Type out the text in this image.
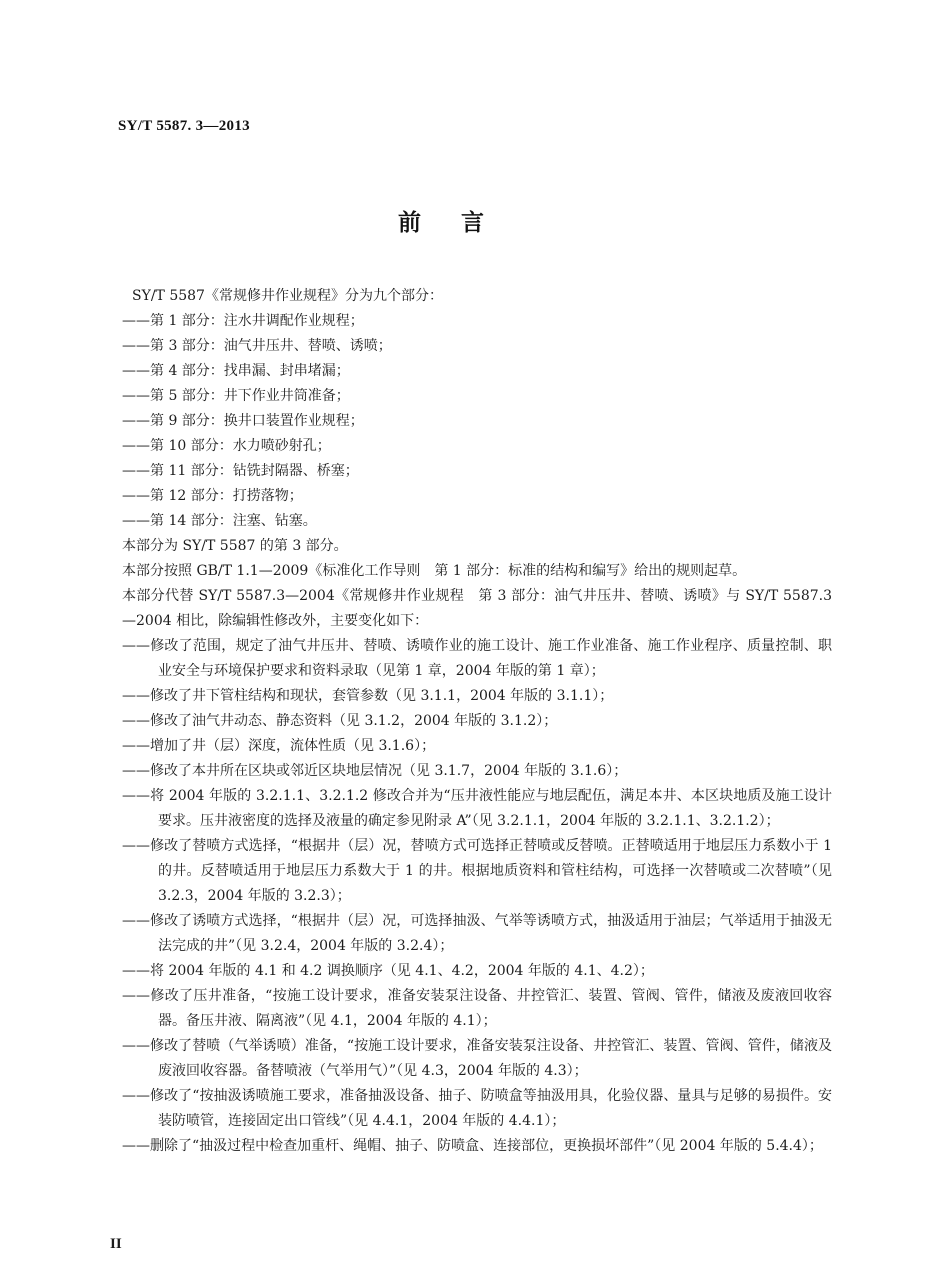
SY/T 5587. 3—2013
前言

SY/T 5587《常规修井作业规程》分为九个部分：

——第 1 部分：注水井调配作业规程；

——第 3 部分：油气井压井、替喷、诱喷；

——第 4 部分：找串漏、封串堵漏；

——第 5 部分：井下作业井筒准备；

——第 9 部分：换井口装置作业规程；

——第 10 部分：水力喷砂射孔；

——第 11 部分：钻铣封隔器、桥塞；

——第 12 部分：打捞落物；

——第 14 部分：注塞、钻塞。

本部分为 SY/T 5587 的第 3 部分。

本部分按照 GB/T 1.1—2009《标准化工作导则　第 1 部分：标准的结构和编写》给出的规则起草。

本部分代替 SY/T 5587.3—2004《常规修井作业规程　第 3 部分：油气井压井、替喷、诱喷》与 SY/T 5587.3—2004 相比，除编辑性修改外，主要变化如下：

——修改了范围，规定了油气井压井、替喷、诱喷作业的施工设计、施工作业准备、施工作业程序、质量控制、职业安全与环境保护要求和资料录取（见第 1 章，2004 年版的第 1 章）；

——修改了井下管柱结构和现状，套管参数（见 3.1.1，2004 年版的 3.1.1）；

——修改了油气井动态、静态资料（见 3.1.2，2004 年版的 3.1.2）；

——增加了井（层）深度，流体性质（见 3.1.6）；

——修改了本井所在区块或邻近区块地层情况（见 3.1.7，2004 年版的 3.1.6）；

——将 2004 年版的 3.2.1.1、3.2.1.2 修改合并为“压井液性能应与地层配伍，满足本井、本区块地质及施工设计要求。压井液密度的选择及液量的确定参见附录 A”（见 3.2.1.1，2004 年版的 3.2.1.1、3.2.1.2）；

——修改了替喷方式选择，“根据井（层）况，替喷方式可选择正替喷或反替喷。正替喷适用于地层压力系数小于 1 的井。反替喷适用于地层压力系数大于 1 的井。根据地质资料和管柱结构，可选择一次替喷或二次替喷”（见 3.2.3，2004 年版的 3.2.3）；

——修改了诱喷方式选择，“根据井（层）况，可选择抽汲、气举等诱喷方式，抽汲适用于油层；气举适用于抽汲无法完成的井”（见 3.2.4，2004 年版的 3.2.4）；

——将 2004 年版的 4.1 和 4.2 调换顺序（见 4.1、4.2，2004 年版的 4.1、4.2）；

——修改了压井准备，“按施工设计要求，准备安装泵注设备、井控管汇、装置、管阀、管件，储液及废液回收容器。备压井液、隔离液”（见 4.1，2004 年版的 4.1）；

——修改了替喷（气举诱喷）准备，“按施工设计要求，准备安装泵注设备、井控管汇、装置、管阀、管件，储液及废液回收容器。备替喷液（气举用气）”（见 4.3，2004 年版的 4.3）；

——修改了“按抽汲诱喷施工要求，准备抽汲设备、抽子、防喷盒等抽汲用具，化验仪器、量具与足够的易损件。安装防喷管，连接固定出口管线”（见 4.4.1，2004 年版的 4.4.1）；

——删除了“抽汲过程中检查加重杆、绳帽、抽子、防喷盒、连接部位，更换损坏部件”（见 2004 年版的 5.4.4）；

II
